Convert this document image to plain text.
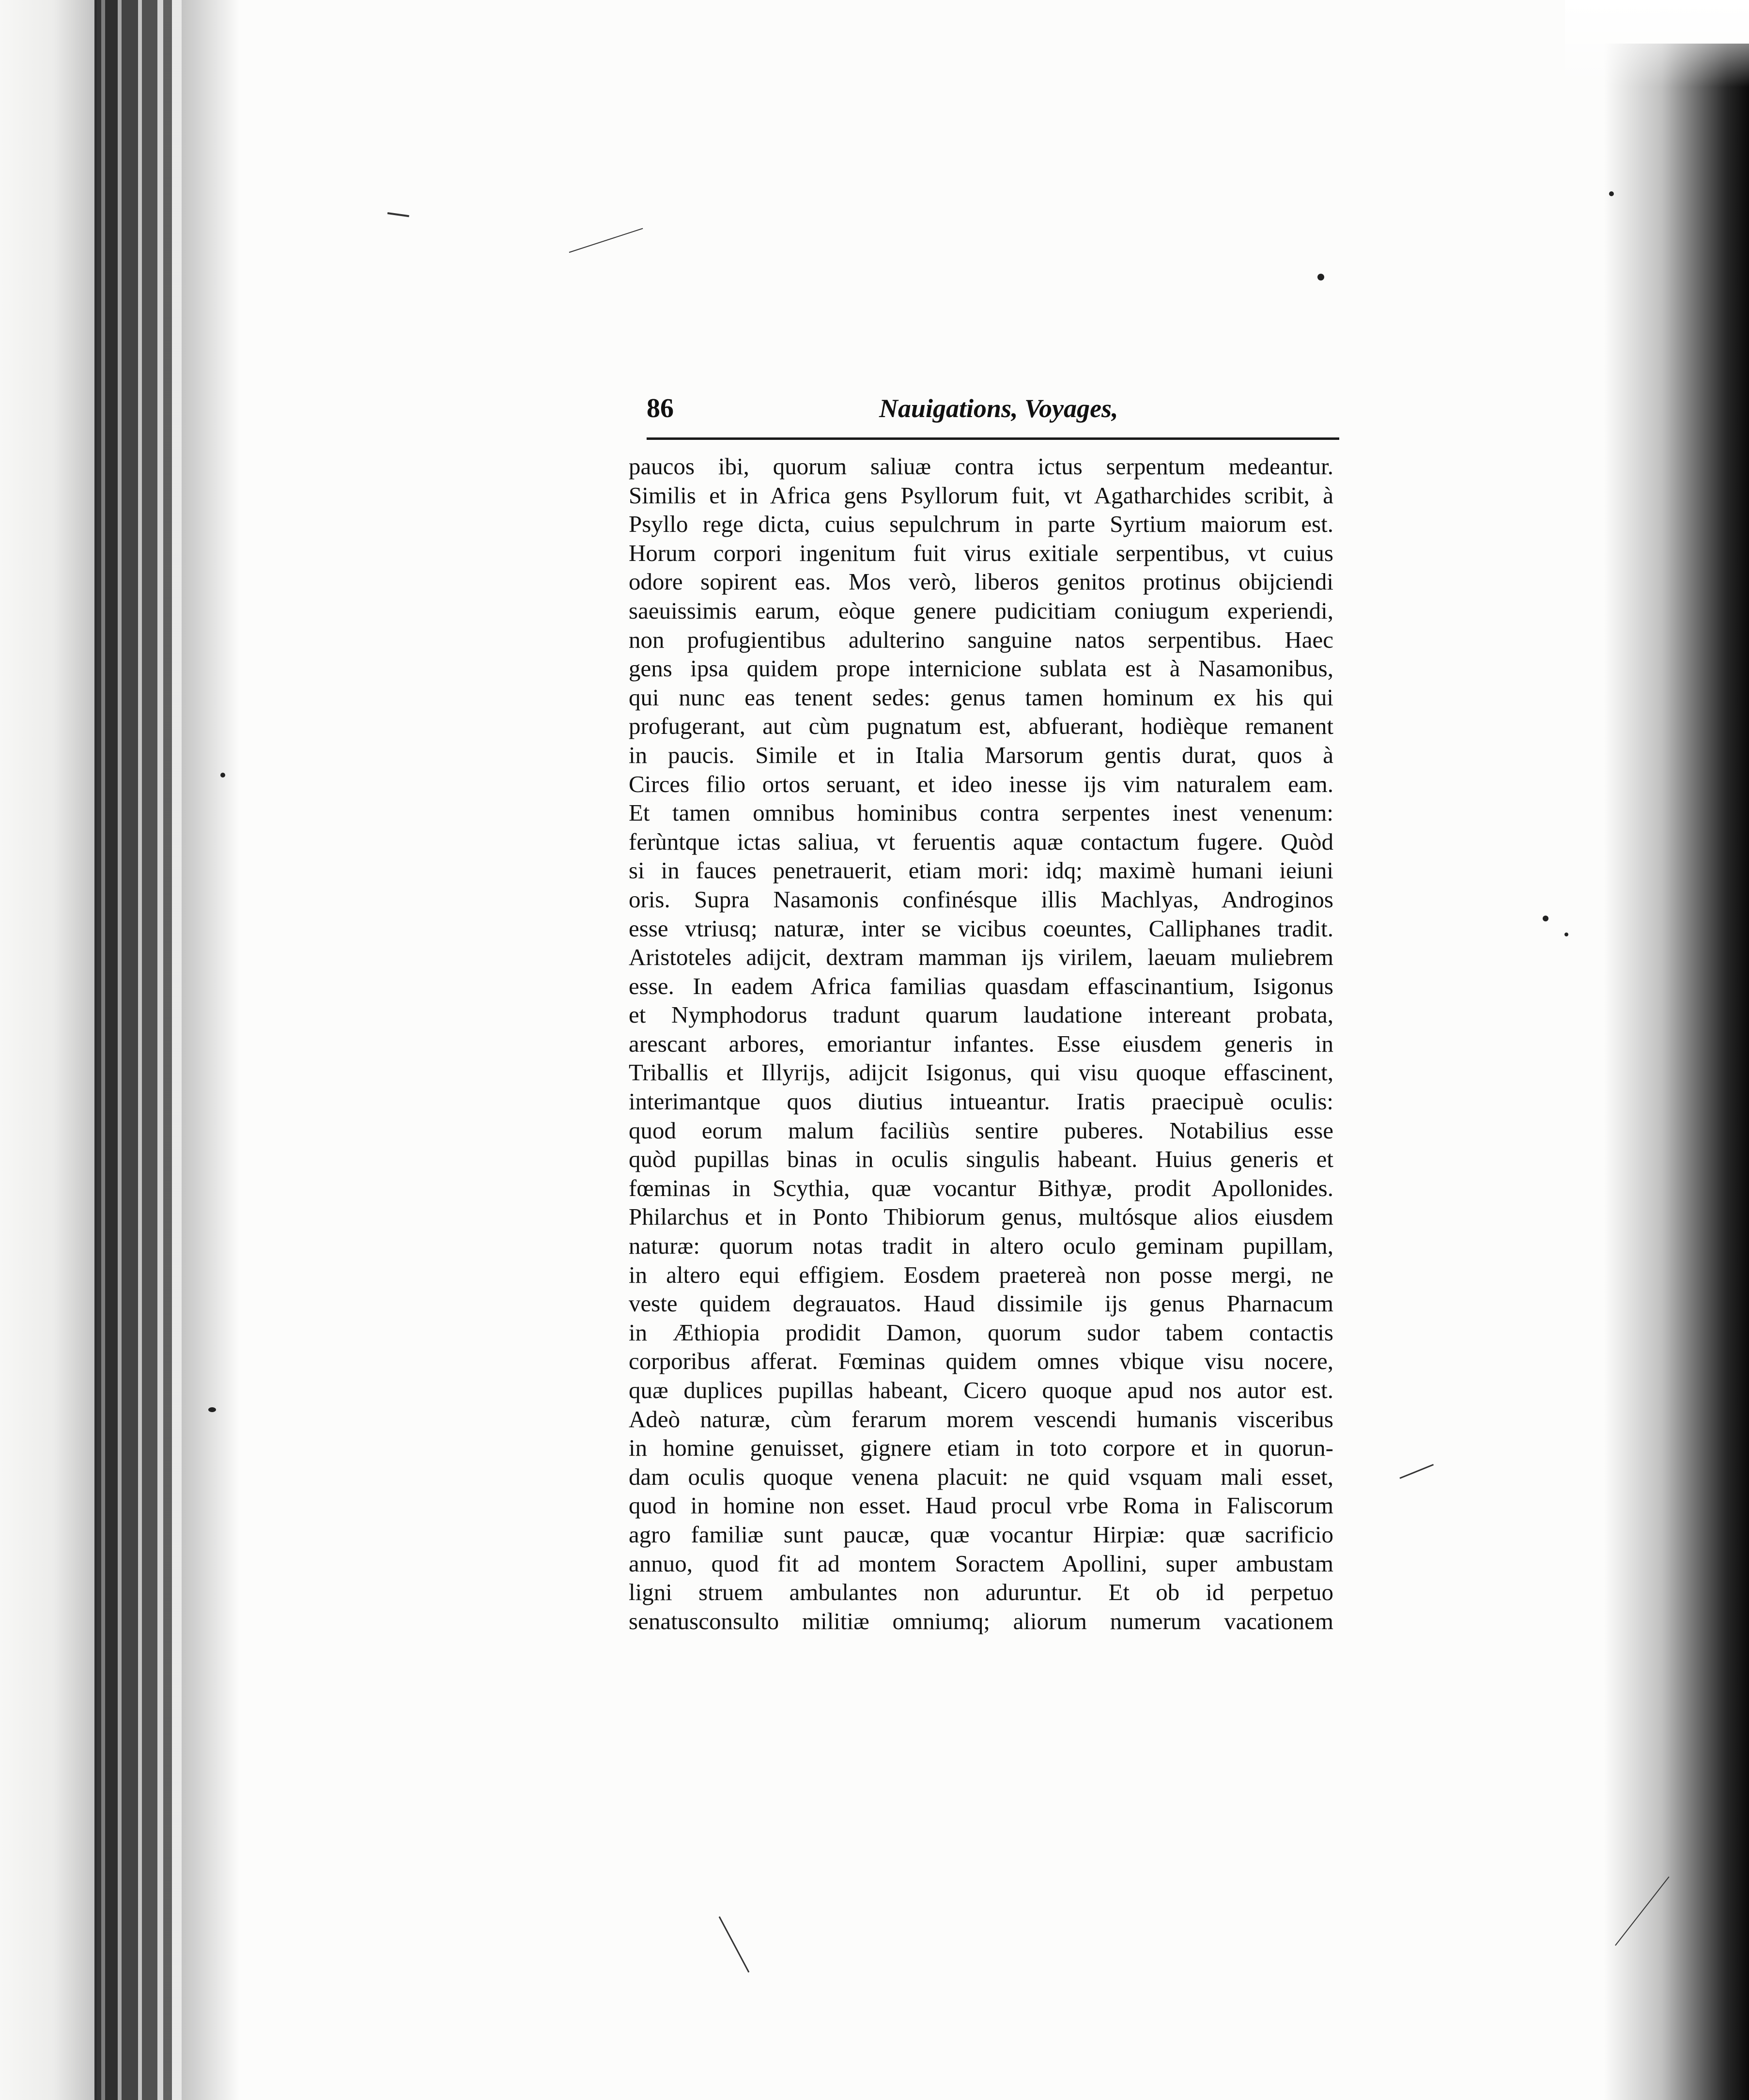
86	Nauigations, Voyages,
paucos ibi, quorum saliuæ contra ictus serpentum medeantur.
Similis et in Africa gens Psyllorum fuit, vt Agatharchides scribit, à
Psyllo rege dicta, cuius sepulchrum in parte Syrtium maiorum est.
Horum corpori ingenitum fuit virus exitiale serpentibus, vt cuius
odore sopirent eas. Mos verò, liberos genitos protinus obijciendi
saeuissimis earum, eòque genere pudicitiam coniugum experiendi,
non profugientibus adulterino sanguine natos serpentibus. Haec
gens ipsa quidem prope internicione sublata est à Nasamonibus,
qui nunc eas tenent sedes: genus tamen hominum ex his qui
profugerant, aut cùm pugnatum est, abfuerant, hodièque remanent
in paucis. Simile et in Italia Marsorum gentis durat, quos à
Circes filio ortos seruant, et ideo inesse ijs vim naturalem eam.
Et tamen omnibus hominibus contra serpentes inest venenum:
ferùntque ictas saliua, vt feruentis aquæ contactum fugere. Quòd
si in fauces penetrauerit, etiam mori: idq; maximè humani ieiuni
oris. Supra Nasamonis confinésque illis Machlyas, Androginos
esse vtriusq; naturæ, inter se vicibus coeuntes, Calliphanes tradit.
Aristoteles adijcit, dextram mamman ijs virilem, laeuam muliebrem
esse. In eadem Africa familias quasdam effascinantium, Isigonus
et Nymphodorus tradunt quarum laudatione intereant probata,
arescant arbores, emoriantur infantes. Esse eiusdem generis in
Triballis et Illyrijs, adijcit Isigonus, qui visu quoque effascinent,
interimantque quos diutius intueantur. Iratis praecipuè oculis:
quod eorum malum faciliùs sentire puberes. Notabilius esse
quòd pupillas binas in oculis singulis habeant. Huius generis et
fœminas in Scythia, quæ vocantur Bithyæ, prodit Apollonides.
Philarchus et in Ponto Thibiorum genus, multósque alios eiusdem
naturæ: quorum notas tradit in altero oculo geminam pupillam,
in altero equi effigiem. Eosdem praetereà non posse mergi, ne
veste quidem degrauatos. Haud dissimile ijs genus Pharnacum
in Æthiopia prodidit Damon, quorum sudor tabem contactis
corporibus afferat. Fœminas quidem omnes vbique visu nocere,
quæ duplices pupillas habeant, Cicero quoque apud nos autor est.
Adeò naturæ, cùm ferarum morem vescendi humanis visceribus
in homine genuisset, gignere etiam in toto corpore et in quorun-
dam oculis quoque venena placuit: ne quid vsquam mali esset,
quod in homine non esset. Haud procul vrbe Roma in Faliscorum
agro familiæ sunt paucæ, quæ vocantur Hirpiæ: quæ sacrificio
annuo, quod fit ad montem Soractem Apollini, super ambustam
ligni struem ambulantes non aduruntur. Et ob id perpetuo
senatusconsulto militiæ omniumq; aliorum numerum vacationem
